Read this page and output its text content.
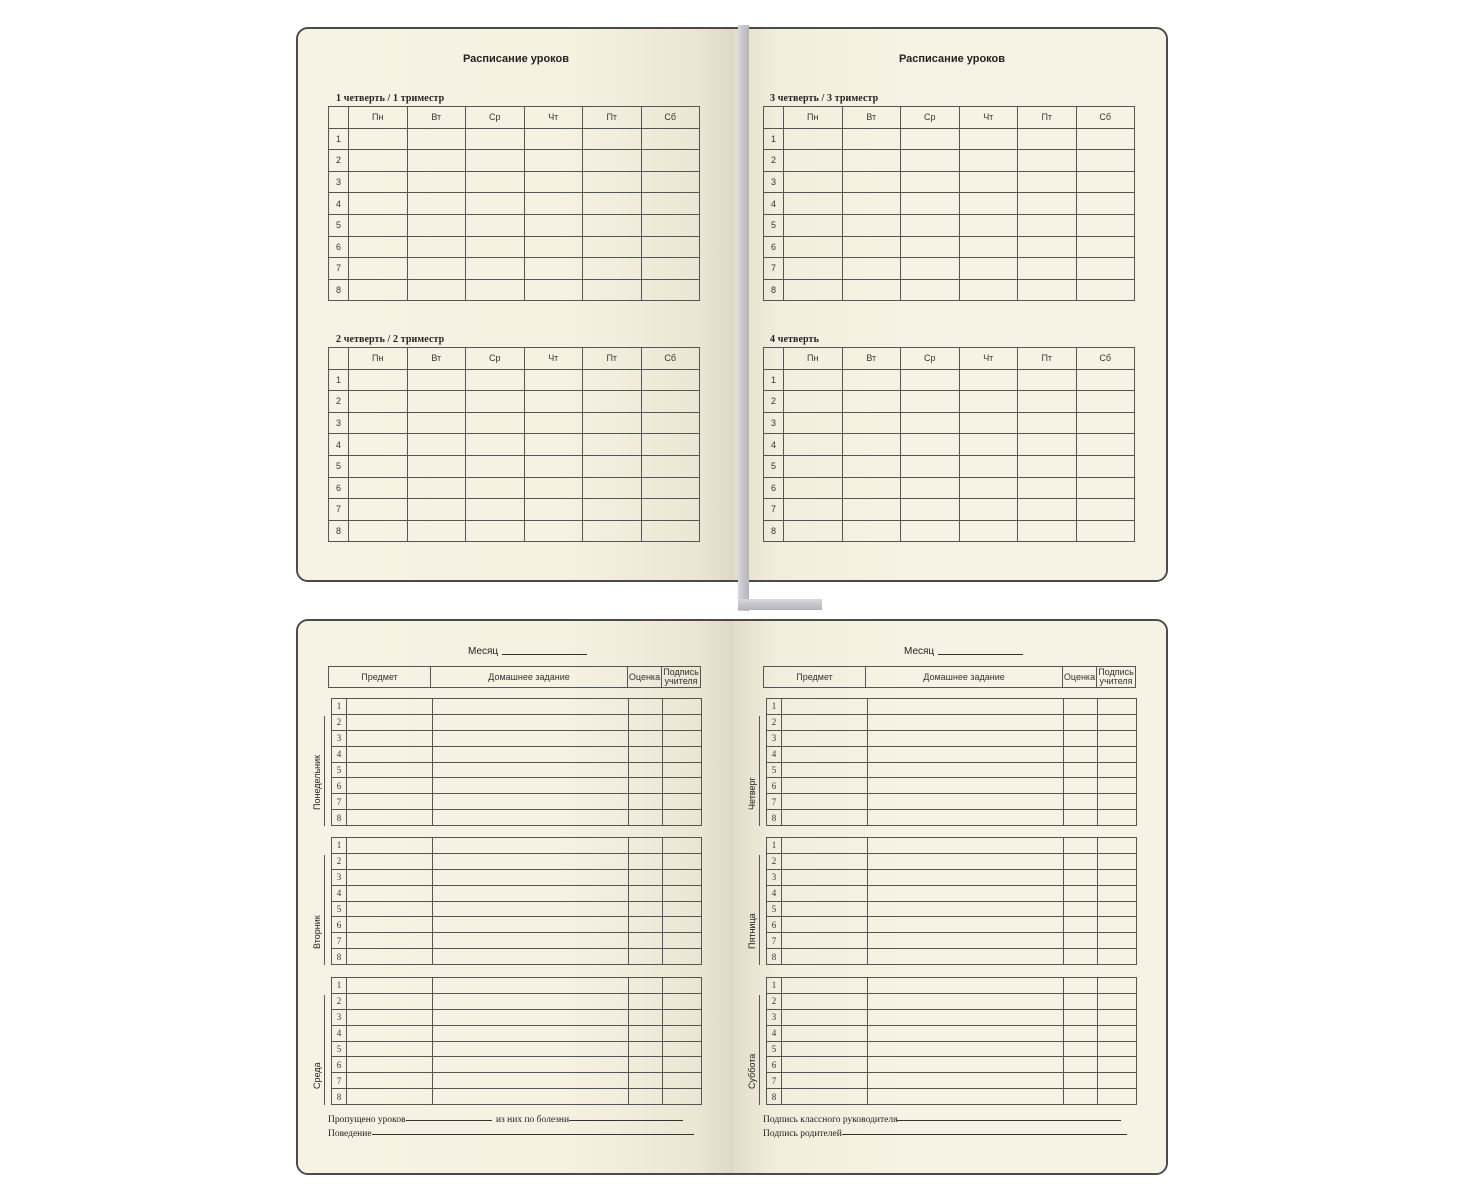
Расписание уроков
1 четверть / 1 триместр
	Пн	Вт	Ср	Чт	Пт	Сб
1						
2						
3						
4						
5						
6						
7						
8						
2 четверть / 2 триместр
	Пн	Вт	Ср	Чт	Пт	Сб
1						
2						
3						
4						
5						
6						
7						
8						
Расписание уроков
3 четверть / 3 триместр
	Пн	Вт	Ср	Чт	Пт	Сб
1						
2						
3						
4						
5						
6						
7						
8						
4 четверть
	Пн	Вт	Ср	Чт	Пт	Сб
1						
2						
3						
4						
5						
6						
7						
8						
Месяц
Предмет	Домашнее задание	Оценка	Подпись
учителя
1				
2				
3				
4				
5				
6				
7				
8				
Понедельник
1				
2				
3				
4				
5				
6				
7				
8				
Вторник
1				
2				
3				
4				
5				
6				
7				
8				
Среда
Пропущено уроков	из них по болезни
Поведение
Месяц
Предмет	Домашнее задание	Оценка	Подпись
учителя
1				
2				
3				
4				
5				
6				
7				
8				
Четверг
1				
2				
3				
4				
5				
6				
7				
8				
Пятница
1				
2				
3				
4				
5				
6				
7				
8				
Суббота
Подпись классного руководителя
Подпись родителей
